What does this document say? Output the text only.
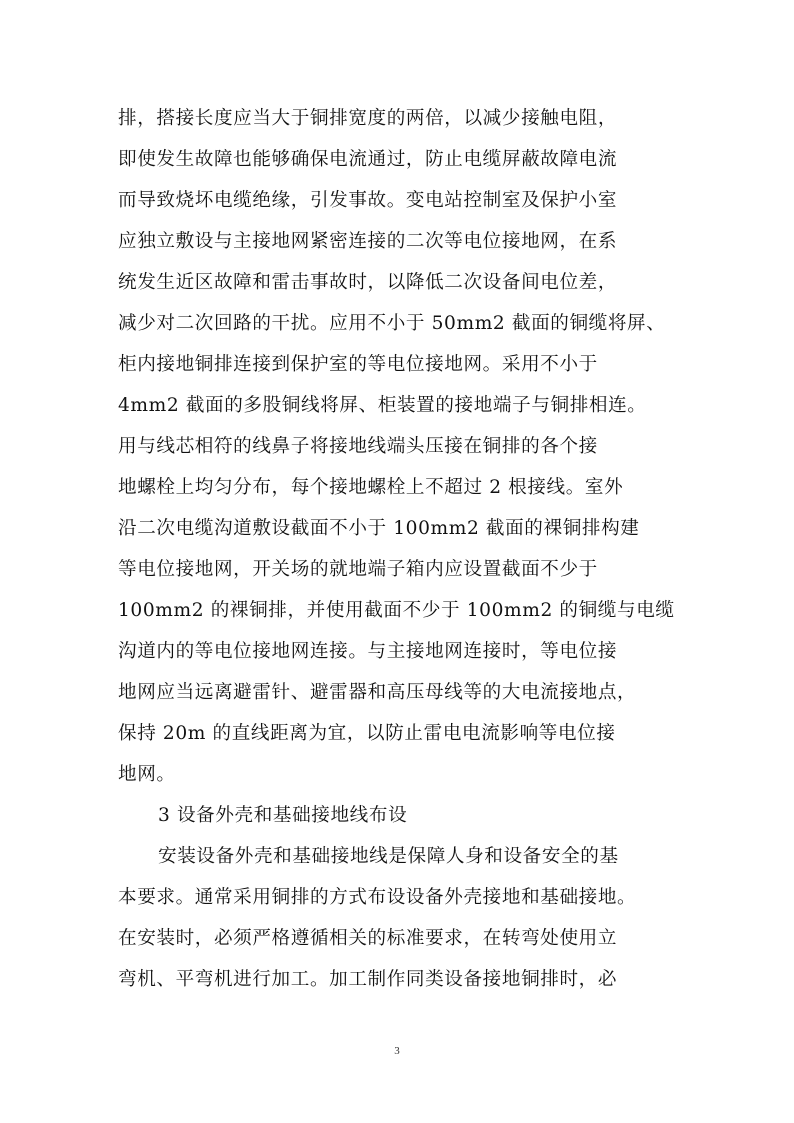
排，搭接长度应当大于铜排宽度的两倍，以减少接触电阻，
即使发生故障也能够确保电流通过，防止电缆屏蔽故障电流
而导致烧坏电缆绝缘，引发事故。变电站控制室及保护小室
应独立敷设与主接地网紧密连接的二次等电位接地网，在系
统发生近区故障和雷击事故时，以降低二次设备间电位差，
减少对二次回路的干扰。应用不小于 50mm2 截面的铜缆将屏、
柜内接地铜排连接到保护室的等电位接地网。采用不小于
4mm2 截面的多股铜线将屏、柜装置的接地端子与铜排相连。
用与线芯相符的线鼻子将接地线端头压接在铜排的各个接
地螺栓上均匀分布，每个接地螺栓上不超过 2 根接线。室外
沿二次电缆沟道敷设截面不小于 100mm2 截面的裸铜排构建
等电位接地网，开关场的就地端子箱内应设置截面不少于
100mm2 的裸铜排，并使用截面不少于 100mm2 的铜缆与电缆
沟道内的等电位接地网连接。与主接地网连接时，等电位接
地网应当远离避雷针、避雷器和高压母线等的大电流接地点，
保持 20m 的直线距离为宜，以防止雷电电流影响等电位接
地网。
3 设备外壳和基础接地线布设
安装设备外壳和基础接地线是保障人身和设备安全的基
本要求。通常采用铜排的方式布设设备外壳接地和基础接地。
在安装时，必须严格遵循相关的标准要求，在转弯处使用立
弯机、平弯机进行加工。加工制作同类设备接地铜排时，必
3
